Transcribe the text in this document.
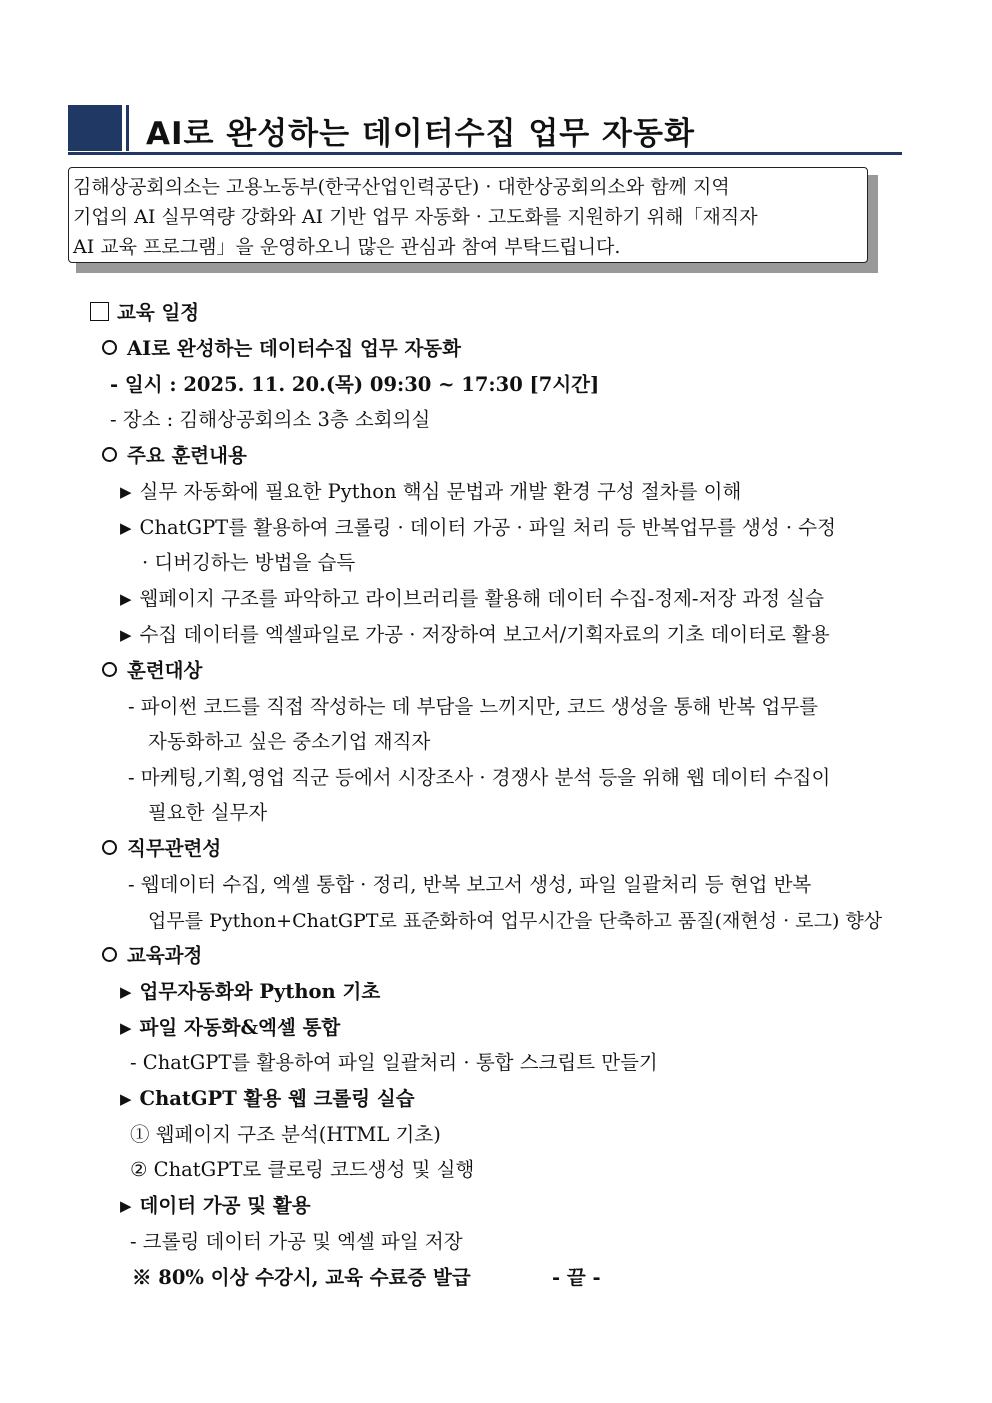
AI로 완성하는 데이터수집 업무 자동화
김해상공회의소는 고용노동부(한국산업인력공단) · 대한상공회의소와 함께 지역
기업의 AI 실무역량 강화와 AI 기반 업무 자동화 · 고도화를 지원하기 위해「재직자
AI 교육 프로그램」을 운영하오니 많은 관심과 참여 부탁드립니다.
교육 일정
AI로 완성하는 데이터수집 업무 자동화
- 일시 : 2025. 11. 20.(목) 09:30 ~ 17:30 [7시간]
- 장소 : 김해상공회의소 3층 소회의실
주요 훈련내용
▶ 실무 자동화에 필요한 Python 핵심 문법과 개발 환경 구성 절차를 이해
▶ ChatGPT를 활용하여 크롤링 · 데이터 가공 · 파일 처리 등 반복업무를 생성 · 수정
· 디버깅하는 방법을 습득
▶ 웹페이지 구조를 파악하고 라이브러리를 활용해 데이터 수집-정제-저장 과정 실습
▶ 수집 데이터를 엑셀파일로 가공 · 저장하여 보고서/기획자료의 기초 데이터로 활용
훈련대상
- 파이썬 코드를 직접 작성하는 데 부담을 느끼지만, 코드 생성을 통해 반복 업무를
자동화하고 싶은 중소기업 재직자
- 마케팅,기획,영업 직군 등에서 시장조사 · 경쟁사 분석 등을 위해 웹 데이터 수집이
필요한 실무자
직무관련성
- 웹데이터 수집, 엑셀 통합 · 정리, 반복 보고서 생성, 파일 일괄처리 등 현업 반복
업무를 Python+ChatGPT로 표준화하여 업무시간을 단축하고 품질(재현성 · 로그) 향상
교육과정
▶ 업무자동화와 Python 기초
▶ 파일 자동화&엑셀 통합
- ChatGPT를 활용하여 파일 일괄처리 · 통합 스크립트 만들기
▶ ChatGPT 활용 웹 크롤링 실습
① 웹페이지 구조 분석(HTML 기초)
② ChatGPT로 클로링 코드생성 및 실행
▶ 데이터 가공 및 활용
- 크롤링 데이터 가공 및 엑셀 파일 저장
※ 80% 이상 수강시, 교육 수료증 발급	- 끝 -
